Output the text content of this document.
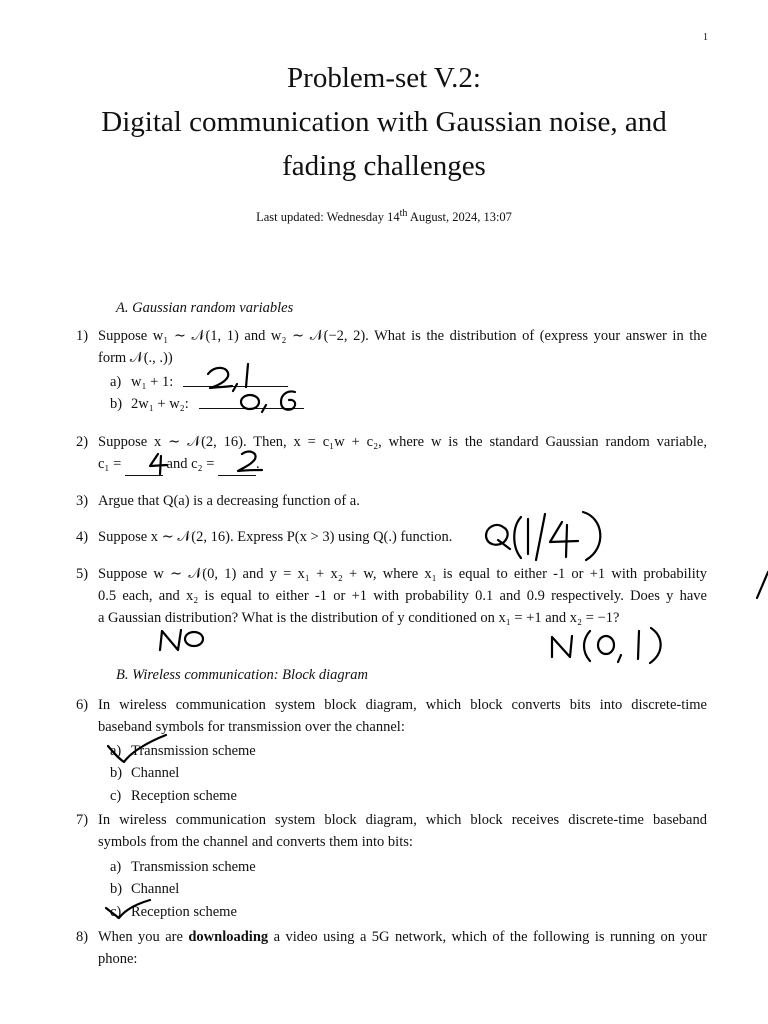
1
Problem-set V.2:
Digital communication with Gaussian noise, and
fading challenges
Last updated: Wednesday 14th August, 2024, 13:07
A. Gaussian random variables
1) Suppose w₁ ∼ 𝒩(1, 1) and w₂ ∼ 𝒩(−2, 2). What is the distribution of (express your answer in the
form 𝒩(., .))
a) w₁ + 1:
b) 2w₁ + w₂:
2) Suppose x ∼ 𝒩(2, 16). Then, x = c₁w + c₂, where w is the standard Gaussian random variable,
c₁ =	and c₂ =	.
3) Argue that Q(a) is a decreasing function of a.
4) Suppose x ∼ 𝒩(2, 16). Express P(x > 3) using Q(.) function.
5) Suppose w ∼ 𝒩(0, 1) and y = x₁ + x₂ + w, where x₁ is equal to either -1 or +1 with probability
0.5 each, and x₂ is equal to either -1 or +1 with probability 0.1 and 0.9 respectively. Does y have
a Gaussian distribution? What is the distribution of y conditioned on x₁ = +1 and x₂ = −1?
B. Wireless communication: Block diagram
6) In wireless communication system block diagram, which block converts bits into discrete-time
baseband symbols for transmission over the channel:
a) Transmission scheme
b) Channel
c) Reception scheme
7) In wireless communication system block diagram, which block receives discrete-time baseband
symbols from the channel and converts them into bits:
a) Transmission scheme
b) Channel
c) Reception scheme
8) When you are downloading a video using a 5G network, which of the following is running on your
phone:
